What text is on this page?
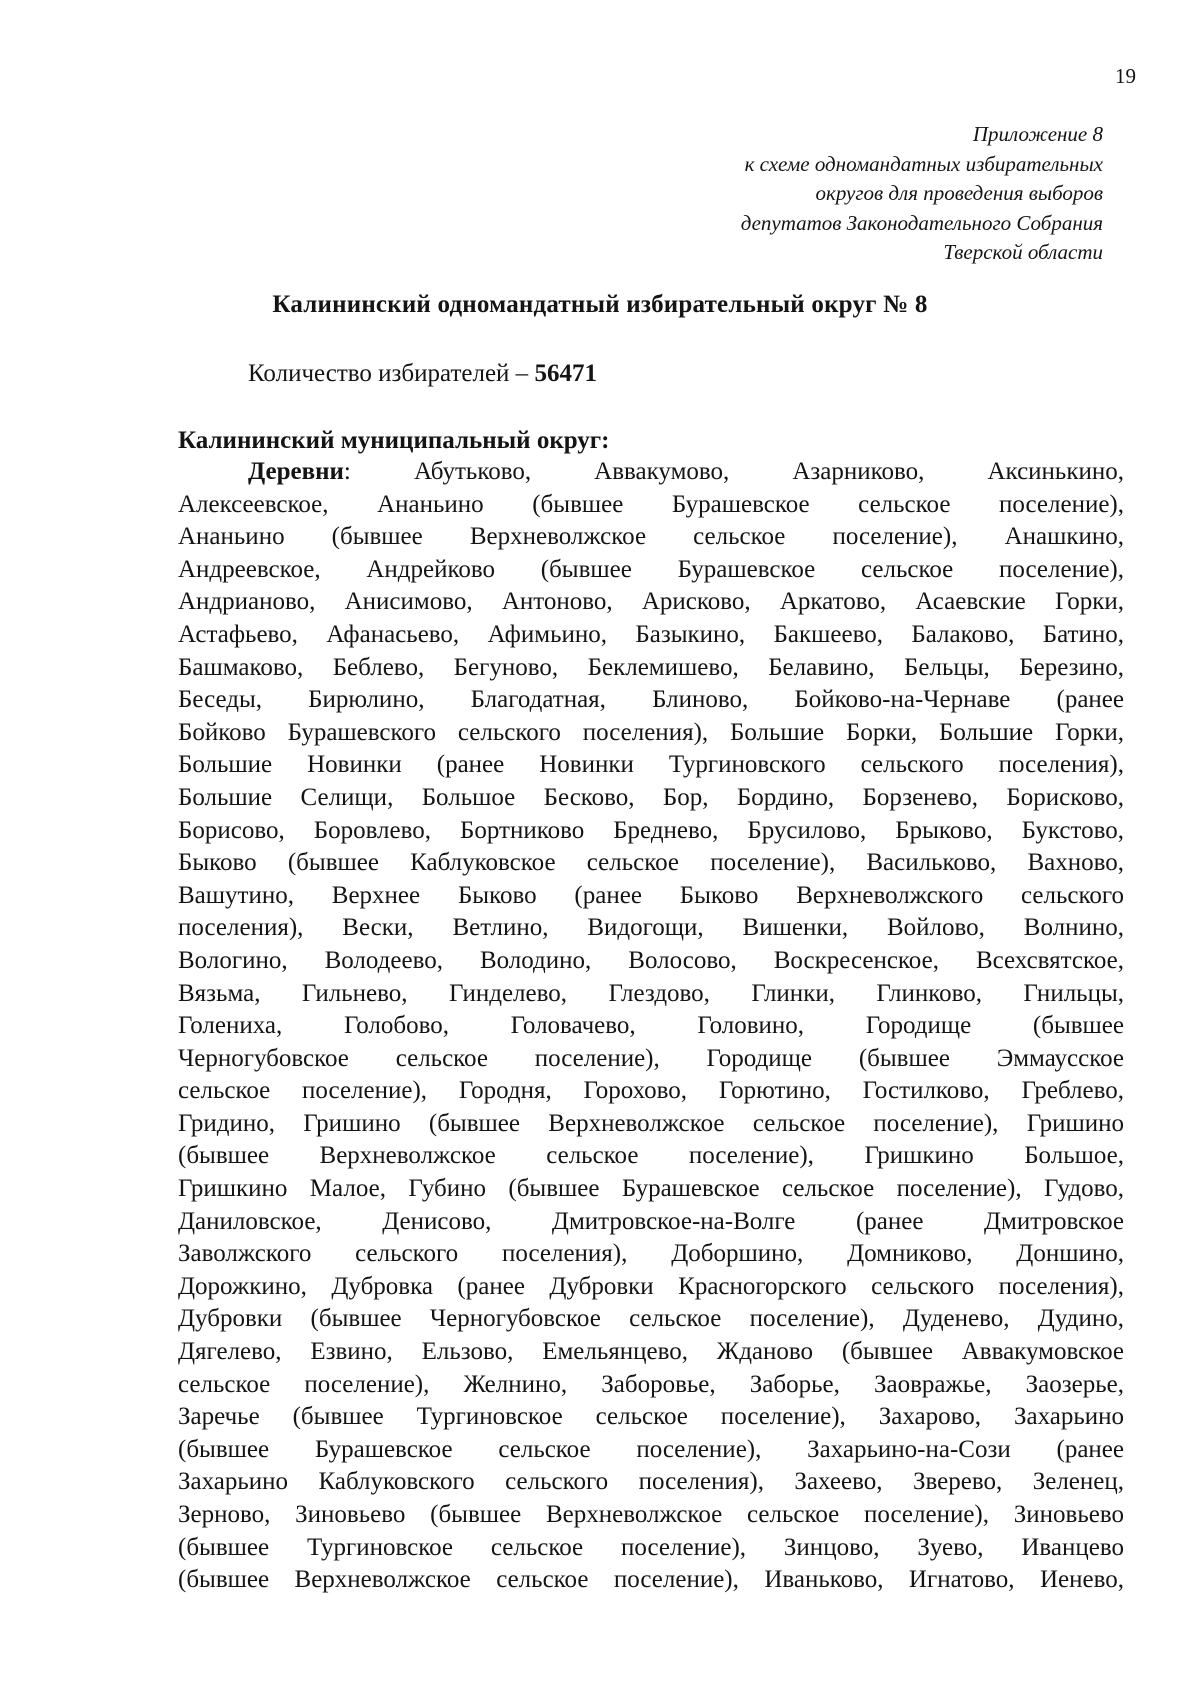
19
Приложение 8
к схеме одномандатных избирательных
округов для проведения выборов
депутатов Законодательного Собрания
Тверской области
Калининский одномандатный избирательный округ № 8
Количество избирателей – 56471
Калининский муниципальный округ:
Деревни: Абутьково, Аввакумово, Азарниково, Аксинькино,
Алексеевское, Ананьино (бывшее Бурашевское сельское поселение),
Ананьино (бывшее Верхневолжское сельское поселение), Анашкино,
Андреевское, Андрейково (бывшее Бурашевское сельское поселение),
Андрианово, Анисимово, Антоново, Арисково, Аркатово, Асаевские Горки,
Астафьево, Афанасьево, Афимьино, Базыкино, Бакшеево, Балаково, Батино,
Башмаково, Беблево, Бегуново, Беклемишево, Белавино, Бельцы, Березино,
Беседы, Бирюлино, Благодатная, Блиново, Бойково-на-Чернаве (ранее
Бойково Бурашевского сельского поселения), Большие Борки, Большие Горки,
Большие Новинки (ранее Новинки Тургиновского сельского поселения),
Большие Селищи, Большое Бесково, Бор, Бордино, Борзенево, Борисково,
Борисово, Боровлево, Бортниково Бреднево, Брусилово, Брыково, Букстово,
Быково (бывшее Каблуковское сельское поселение), Васильково, Вахново,
Вашутино, Верхнее Быково (ранее Быково Верхневолжского сельского
поселения), Вески, Ветлино, Видогощи, Вишенки, Войлово, Волнино,
Вологино, Володеево, Володино, Волосово, Воскресенское, Всехсвятское,
Вязьма, Гильнево, Гинделево, Глездово, Глинки, Глинково, Гнильцы,
Голениха, Голобово, Головачево, Головино, Городище (бывшее
Черногубовское сельское поселение), Городище (бывшее Эммаусское
сельское поселение), Городня, Горохово, Горютино, Гостилково, Греблево,
Гридино, Гришино (бывшее Верхневолжское сельское поселение), Гришино
(бывшее Верхневолжское сельское поселение), Гришкино Большое,
Гришкино Малое, Губино (бывшее Бурашевское сельское поселение), Гудово,
Даниловское, Денисово, Дмитровское-на-Волге (ранее Дмитровское
Заволжского сельского поселения), Доборшино, Домниково, Доншино,
Дорожкино, Дубровка (ранее Дубровки Красногорского сельского поселения),
Дубровки (бывшее Черногубовское сельское поселение), Дуденево, Дудино,
Дягелево, Езвино, Ельзово, Емельянцево, Жданово (бывшее Аввакумовское
сельское поселение), Желнино, Заборовье, Заборье, Заовражье, Заозерье,
Заречье (бывшее Тургиновское сельское поселение), Захарово, Захарьино
(бывшее Бурашевское сельское поселение), Захарьино-на-Сози (ранее
Захарьино Каблуковского сельского поселения), Захеево, Зверево, Зеленец,
Зерново, Зиновьево (бывшее Верхневолжское сельское поселение), Зиновьево
(бывшее Тургиновское сельское поселение), Зинцово, Зуево, Иванцево
(бывшее Верхневолжское сельское поселение), Иваньково, Игнатово, Иенево,
